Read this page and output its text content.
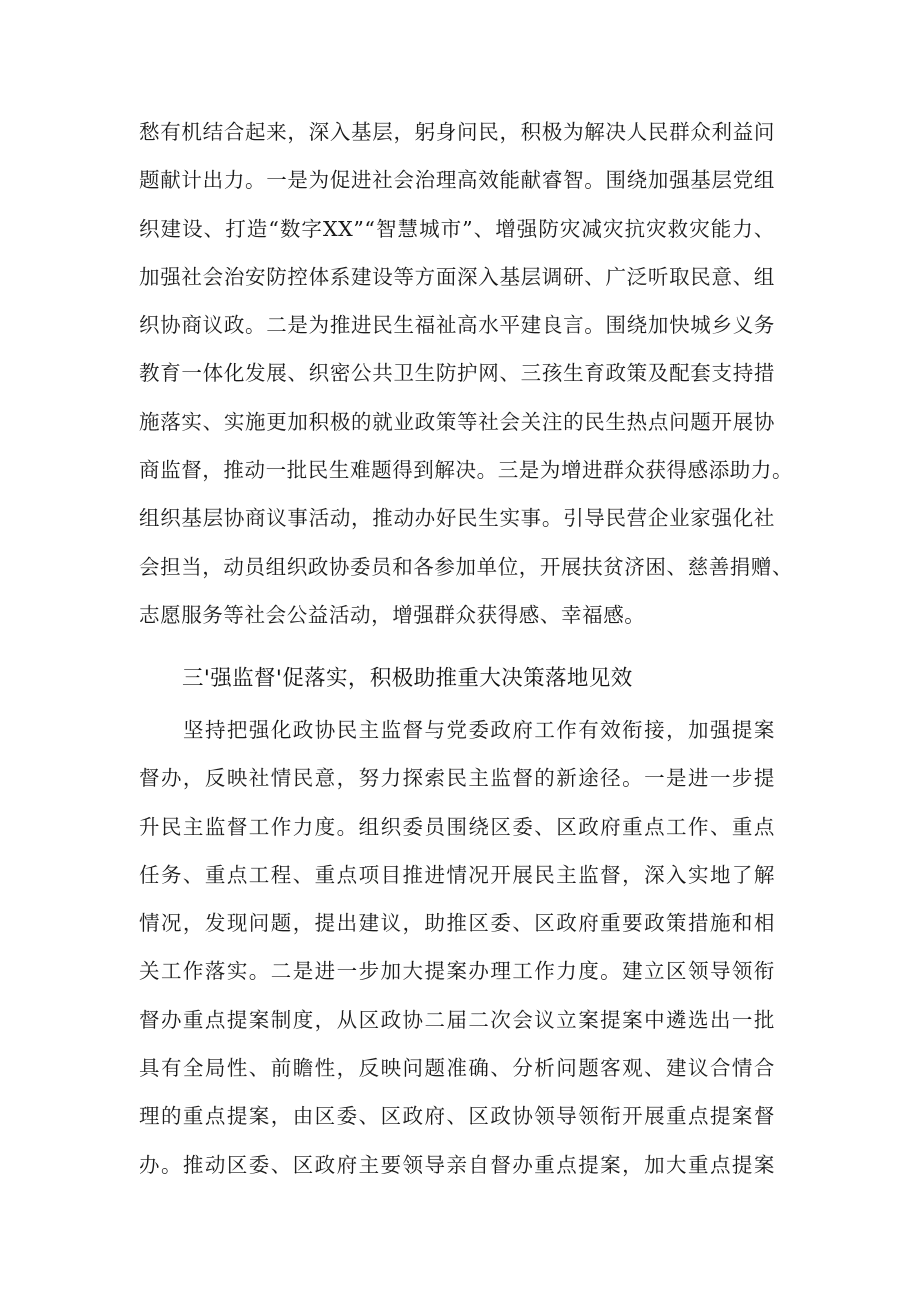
愁有机结合起来，深入基层，躬身问民，积极为解决人民群众利益问
题献计出力。一是为促进社会治理高效能献睿智。围绕加强基层党组
织建设、打造“数字XX”“智慧城市”、增强防灾减灾抗灾救灾能力、
加强社会治安防控体系建设等方面深入基层调研、广泛听取民意、组
织协商议政。二是为推进民生福祉高水平建良言。围绕加快城乡义务
教育一体化发展、织密公共卫生防护网、三孩生育政策及配套支持措
施落实、实施更加积极的就业政策等社会关注的民生热点问题开展协
商监督，推动一批民生难题得到解决。三是为增进群众获得感添助力。
组织基层协商议事活动，推动办好民生实事。引导民营企业家强化社
会担当，动员组织政协委员和各参加单位，开展扶贫济困、慈善捐赠、
志愿服务等社会公益活动，增强群众获得感、幸福感。
三'强监督'促落实，积极助推重大决策落地见效
坚持把强化政协民主监督与党委政府工作有效衔接，加强提案
督办，反映社情民意，努力探索民主监督的新途径。一是进一步提
升民主监督工作力度。组织委员围绕区委、区政府重点工作、重点
任务、重点工程、重点项目推进情况开展民主监督，深入实地了解
情况，发现问题，提出建议，助推区委、区政府重要政策措施和相
关工作落实。二是进一步加大提案办理工作力度。建立区领导领衔
督办重点提案制度，从区政协二届二次会议立案提案中遴选出一批
具有全局性、前瞻性，反映问题准确、分析问题客观、建议合情合
理的重点提案，由区委、区政府、区政协领导领衔开展重点提案督
办。推动区委、区政府主要领导亲自督办重点提案，加大重点提案
